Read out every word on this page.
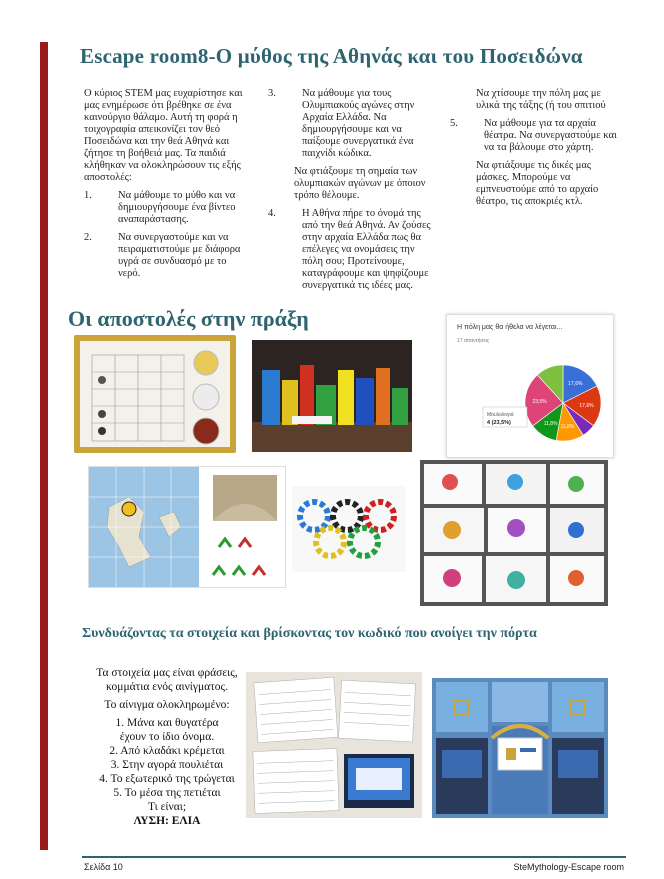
Escape room8-Ο μύθος της Αθηνάς και του Ποσειδώνα

Ο κύριος STEM μας ευχαρίστησε και μας ενημέρωσε ότι βρέθηκε σε ένα καινούργιο θάλαμο. Αυτή τη φορά η τοιχογραφία απεικονίζει τον θεό Ποσειδώνα και την θεά Αθηνά και ζήτησε τη βοήθειά μας. Τα παιδιά κλήθηκαν να ολοκληρώσουν τις εξής αποστολές:

1. Να μάθουμε το μύθο και να δημιουργήσουμε ένα βίντεο αναπαράστασης.
2. Να συνεργαστούμε και να πειραματιστούμε με διάφορα υγρά σε συνδυασμό με το νερό.
3. Να μάθουμε για τους Ολυμπιακούς αγώνες στην Αρχαία Ελλάδα. Να δημιουργήσουμε και να παίξουμε συνεργατικά ένα παιχνίδι κώδικα.

Να φτιάξουμε τη σημαία των ολυμπιακών αγώνων με όποιον τρόπο θέλουμε.

4. Η Αθήνα πήρε το όνομά της από την θεά Αθηνά. Αν ζούσες στην αρχαία Ελλάδα πως θα επέλεγες να ονομάσεις την πόλη σου; Προτείνουμε, καταγράφουμε και ψηφίζουμε συνεργατικά τις ιδέες μας.

Να χτίσουμε την πόλη μας με υλικά της τάξης (ή του σπιτιού

5. Να μάθουμε για τα αρχαία θέατρα. Να συνεργαστούμε και να τα βάλουμε στο χάρτη.

Να φτιάξουμε τις δικές μας μάσκες. Μπορούμε να εμπνευστούμε από το αρχαίο θέατρο, τις αποκριές κτλ.

Οι αποστολές στην πράξη	Η πόλη μας θα ήθελα να λέγεται...
17 απαντήσεις
17,6%
17,6%
11,8%
11,8%
23,5%
Μουλολογιά
4 (23,5%)
Συνδυάζοντας τα στοιχεία και βρίσκοντας τον κωδικό που ανοίγει την πόρτα
Τα στοιχεία μας είναι φράσεις,
κομμάτια ενός αινίγματος.
Το αίνιγμα ολοκληρωμένο:
1. Μάνα και θυγατέρα
έχουν το ίδιο όνομα.
2. Από κλαδάκι κρέμεται
3. Στην αγορά πουλιέται
4. Το εξωτερικό της τρώγεται
5. Το μέσα της πετιέται
Τι είναι;
ΛΥΣΗ: ΕΛΙΑ
Σελίδα 10	SteMythology-Escape room
